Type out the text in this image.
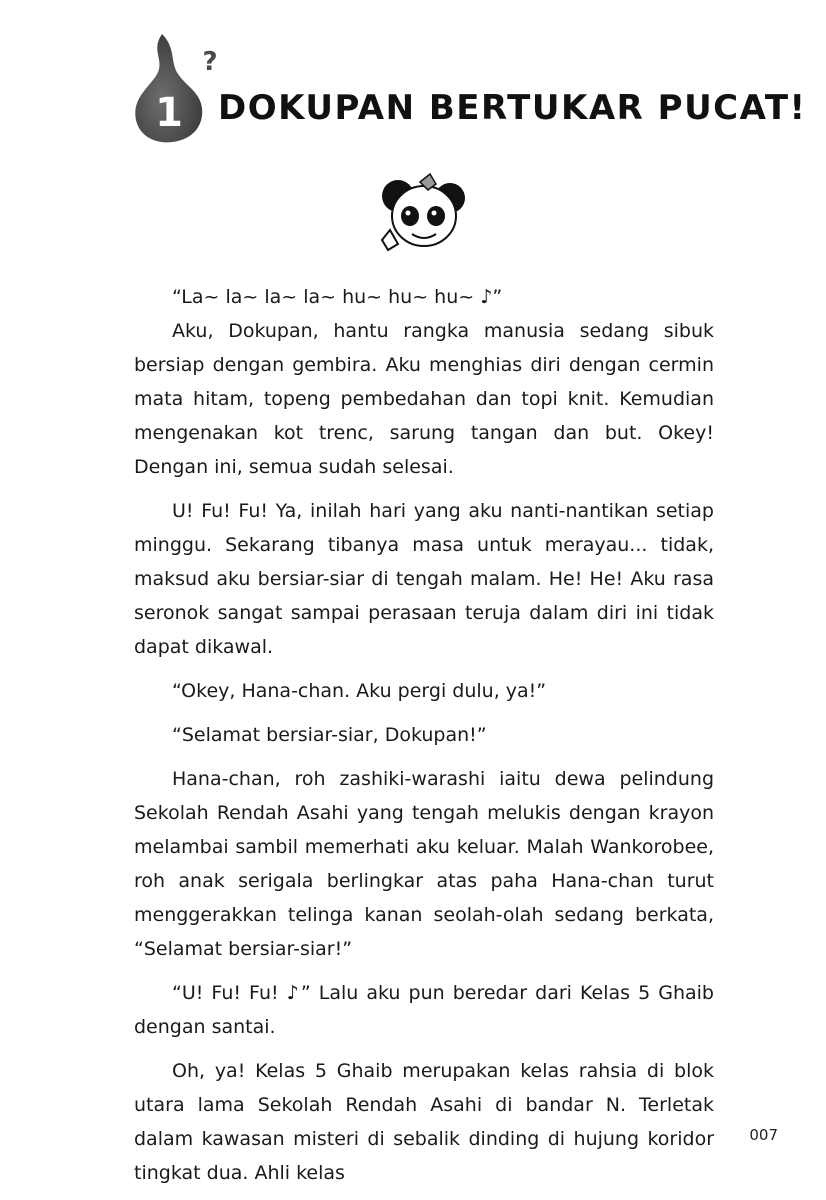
1
?
DOKUPAN BERTUKAR PUCAT!

“La~ la~ la~ la~ hu~ hu~ hu~ ♪”

Aku, Dokupan, hantu rangka manusia sedang sibuk bersiap dengan gembira. Aku menghias diri dengan cermin mata hitam, topeng pembedahan dan topi knit. Kemudian mengenakan kot trenc, sarung tangan dan but. Okey! Dengan ini, semua sudah selesai.

U! Fu! Fu! Ya, inilah hari yang aku nanti-nantikan setiap minggu. Sekarang tibanya masa untuk merayau... tidak, maksud aku bersiar-siar di tengah malam. He! He! Aku rasa seronok sangat sampai perasaan teruja dalam diri ini tidak dapat dikawal.

“Okey, Hana-chan. Aku pergi dulu, ya!”

“Selamat bersiar-siar, Dokupan!”

Hana-chan, roh zashiki-warashi iaitu dewa pelindung Sekolah Rendah Asahi yang tengah melukis dengan krayon melambai sambil memerhati aku keluar. Malah Wankorobee, roh anak serigala berlingkar atas paha Hana-chan turut menggerakkan telinga kanan seolah-olah sedang berkata, “Selamat bersiar-siar!”

“U! Fu! Fu! ♪” Lalu aku pun beredar dari Kelas 5 Ghaib dengan santai.

Oh, ya! Kelas 5 Ghaib merupakan kelas rahsia di blok utara lama Sekolah Rendah Asahi di bandar N. Terletak dalam kawasan misteri di sebalik dinding di hujung koridor tingkat dua. Ahli kelas

007
